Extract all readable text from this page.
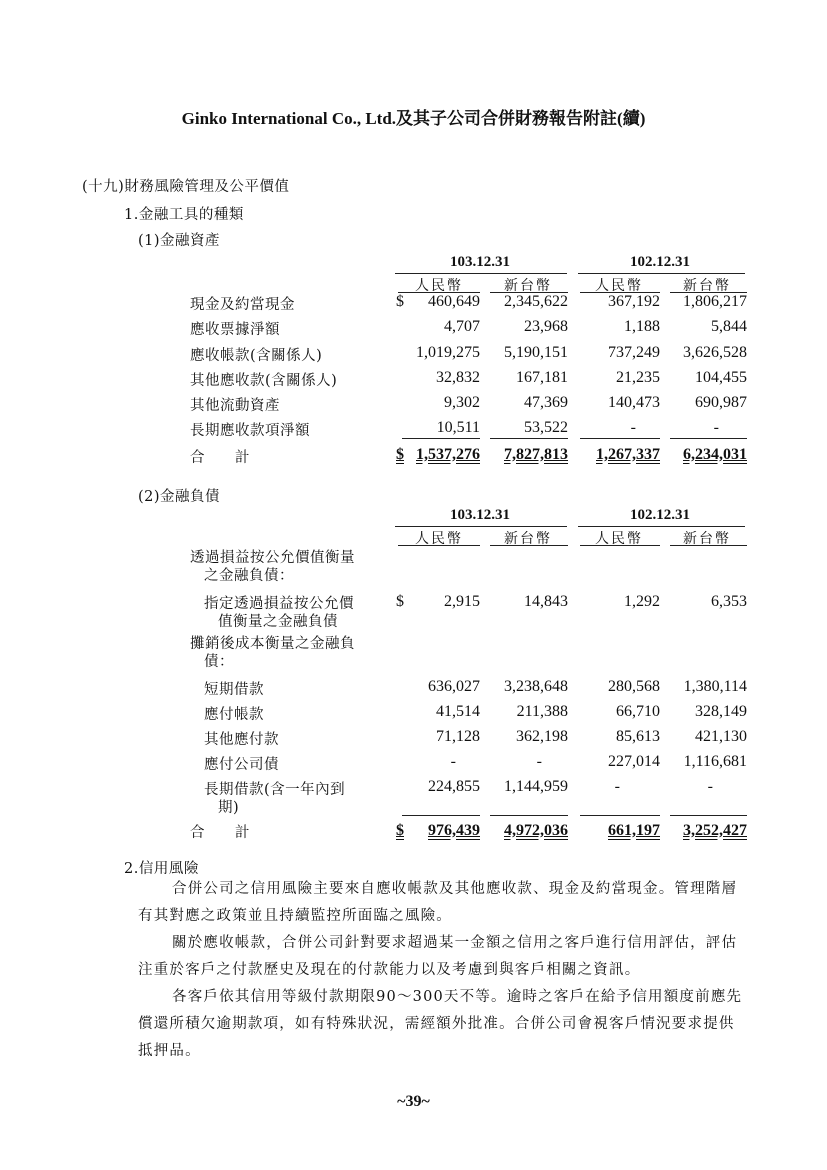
Ginko International Co., Ltd.及其子公司合併財務報告附註(續)
(十九)財務風險管理及公平價值
1.金融工具的種類
(1)金融資產
103.12.31	102.12.31
人民幣	新台幣	人民幣	新台幣
現金及約當現金	$	460,649	2,345,622	367,192	1,806,217
應收票據淨額	4,707	23,968	1,188	5,844
應收帳款(含關係人)	1,019,275	5,190,151	737,249	3,626,528
其他應收款(含關係人)	32,832	167,181	21,235	104,455
其他流動資產	9,302	47,369	140,473	690,987
長期應收款項淨額	10,511	53,522	-	-
合　　計	$ 1,537,276	7,827,813	1,267,337	6,234,031
(2)金融負債
103.12.31	102.12.31
人民幣	新台幣	人民幣	新台幣
透過損益按公允價值衡量
之金融負債：
指定透過損益按公允價
值衡量之金融負債
$	2,915	14,843	1,292	6,353
攤銷後成本衡量之金融負
債：
短期借款	636,027	3,238,648	280,568	1,380,114
應付帳款	41,514	211,388	66,710	328,149
其他應付款	71,128	362,198	85,613	421,130
應付公司債	-	-	227,014	1,116,681
長期借款(含一年內到
期)
224,855	1,144,959	-	-
合　　計	$	976,439	4,972,036	661,197	3,252,427
2.信用風險
合併公司之信用風險主要來自應收帳款及其他應收款、現金及約當現金。管理階層有其對應之政策並且持續監控所面臨之風險。
關於應收帳款，合併公司針對要求超過某一金額之信用之客戶進行信用評估，評估注重於客戶之付款歷史及現在的付款能力以及考慮到與客戶相關之資訊。
各客戶依其信用等級付款期限90～300天不等。逾時之客戶在給予信用額度前應先償還所積欠逾期款項，如有特殊狀況，需經額外批准。合併公司會視客戶情況要求提供抵押品。
~39~
